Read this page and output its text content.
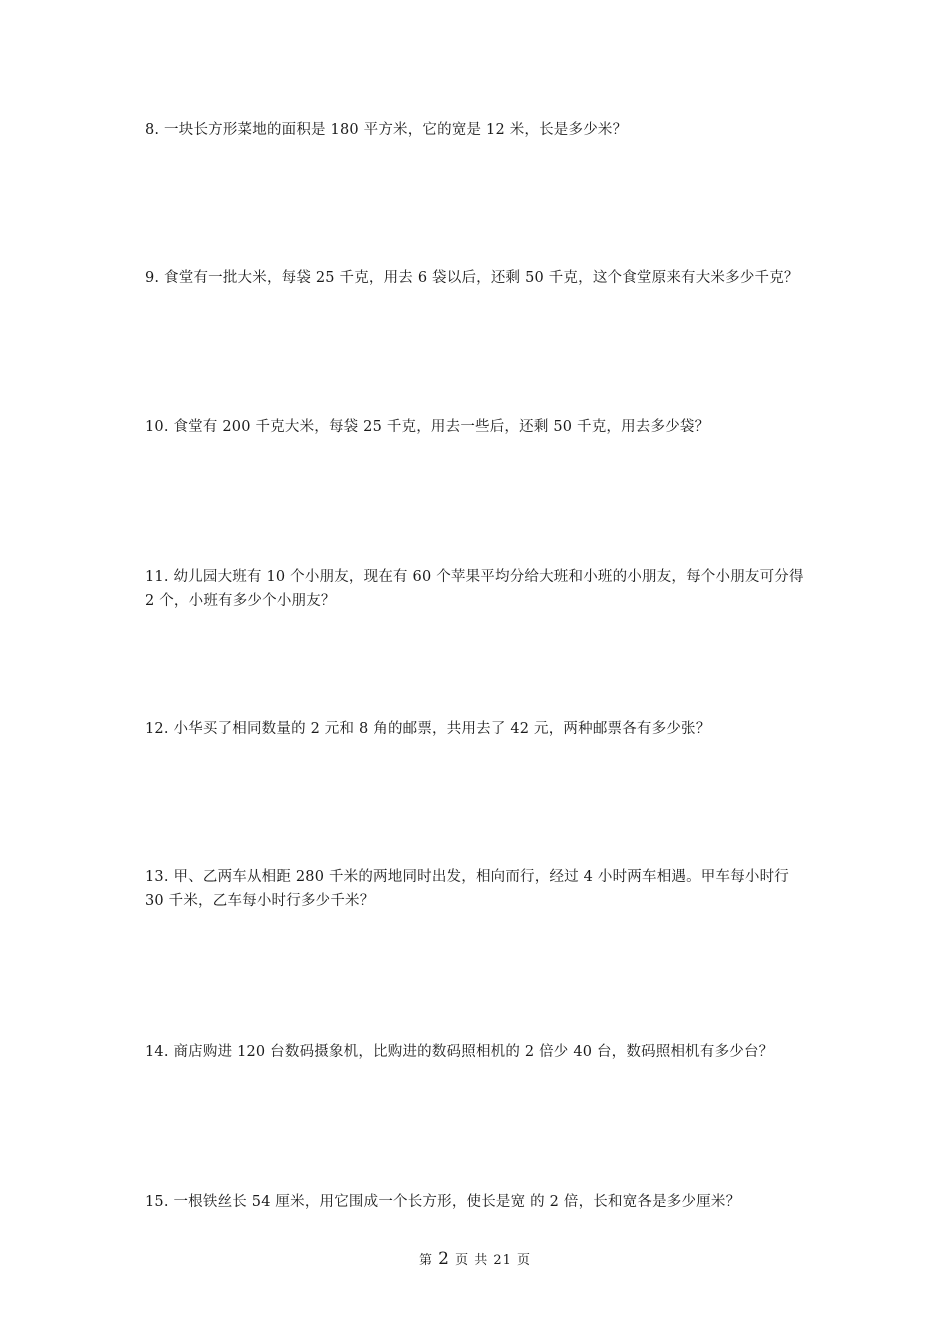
8. 一块长方形菜地的面积是 180 平方米，它的宽是 12 米，长是多少米？
9. 食堂有一批大米，每袋 25 千克，用去 6 袋以后，还剩 50 千克，这个食堂原来有大米多少千克？
10. 食堂有 200 千克大米，每袋 25 千克，用去一些后，还剩 50 千克，用去多少袋？
11. 幼儿园大班有 10 个小朋友，现在有 60 个苹果平均分给大班和小班的小朋友，每个小朋友可分得 2 个，小班有多少个小朋友？
12. 小华买了相同数量的 2 元和 8 角的邮票，共用去了 42 元，两种邮票各有多少张？
13. 甲、乙两车从相距 280 千米的两地同时出发，相向而行，经过 4 小时两车相遇。甲车每小时行 30 千米，乙车每小时行多少千米？
14. 商店购进 120 台数码摄象机，比购进的数码照相机的 2 倍少 40 台，数码照相机有多少台？
15. 一根铁丝长 54 厘米，用它围成一个长方形，使长是宽 的 2 倍，长和宽各是多少厘米？
第 2 页 共 21 页
